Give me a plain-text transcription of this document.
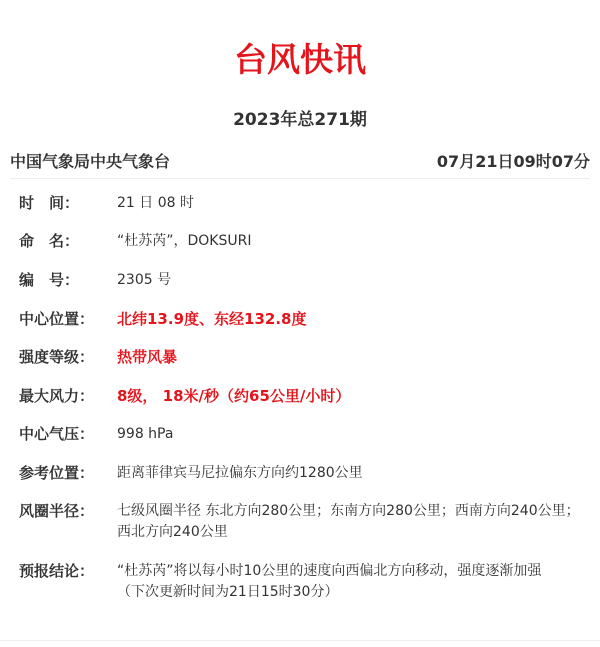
台风快讯
2023年总271期
中国气象局中央气象台	07月21日09时07分
时　间：	21 日 08 时
命　名：	“杜苏芮”，DOKSURI
编　号：	2305 号
中心位置：	北纬13.9度、东经132.8度
强度等级：	热带风暴
最大风力：	8级， 18米/秒（约65公里/小时）
中心气压：	998 hPa
参考位置：	距离菲律宾马尼拉偏东方向约1280公里
风圈半径：	七级风圈半径 东北方向280公里；东南方向280公里；西南方向240公里；西北方向240公里
预报结论：	“杜苏芮”将以每小时10公里的速度向西偏北方向移动，强度逐渐加强
（下次更新时间为21日15时30分）
